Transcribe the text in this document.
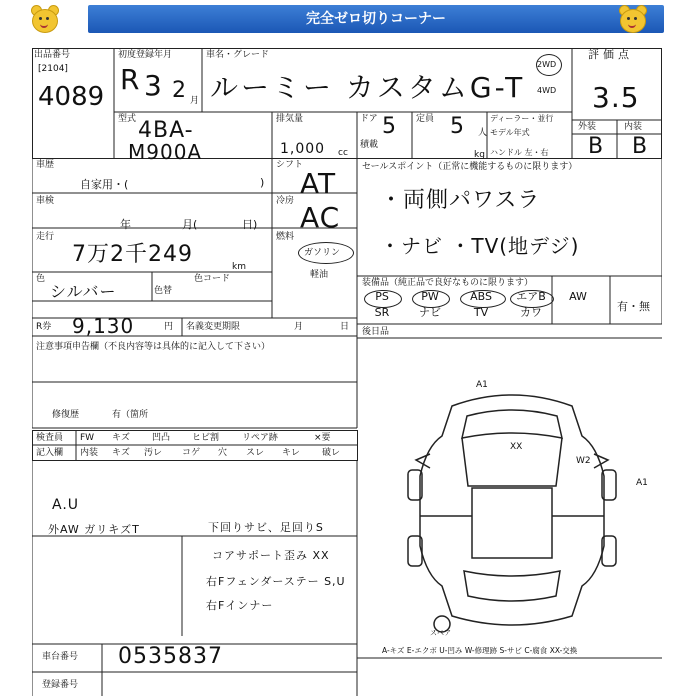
完全ゼロ切りコーナー
出品番号
[2104]
4089
初度登録年月
R 3 2 月
車名・グレード
ルーミー カスタムG-T
2WD
4WD
評価点
3.5
型式 4BA-
M900A
排気量
1,000 cc
ドア 5
積載
定員 5 人
kg
ディーラー・並行
モデル年式
ハンドル 左・右
外装	内装
B B
車歴
自家用・(	)
シフト
AT
冷房 AC
車検
年	月(	日)
燃料
ガソリン
軽油
走行
7万2千249	km
色
シルバー	色替
色コード
R券 9,130	円 名義変更期限	月	日
セールスポイント（正常に機能するものに限ります）
・両側パワスラ
・ナビ ・TV(地デジ)
装備品（純正品で良好なものに限ります）
PS	PW	ABS	エアB	AW
SR	ナビ	TV	カワ	有・無
後日品
注意事項申告欄（不良内容等は具体的に記入して下さい）
修復歴	有（箇所
検査員 FW キズ 凹凸 ヒビ割	リペア跡	×要
記入欄 内装 キズ 汚レ コゲ 穴 スレ キレ 破レ
A.U
外AW ガリキズT	下回りサビ、足回りS
コアサポート歪み XX
右Fフェンダーステー S,U
右Fインナー
A1
XX
W2
A1
スペア
A-キズ E-エクボ U-凹み W-修理跡 S-サビ C-腐食 XX-交換
車台番号 0535837
登録番号
